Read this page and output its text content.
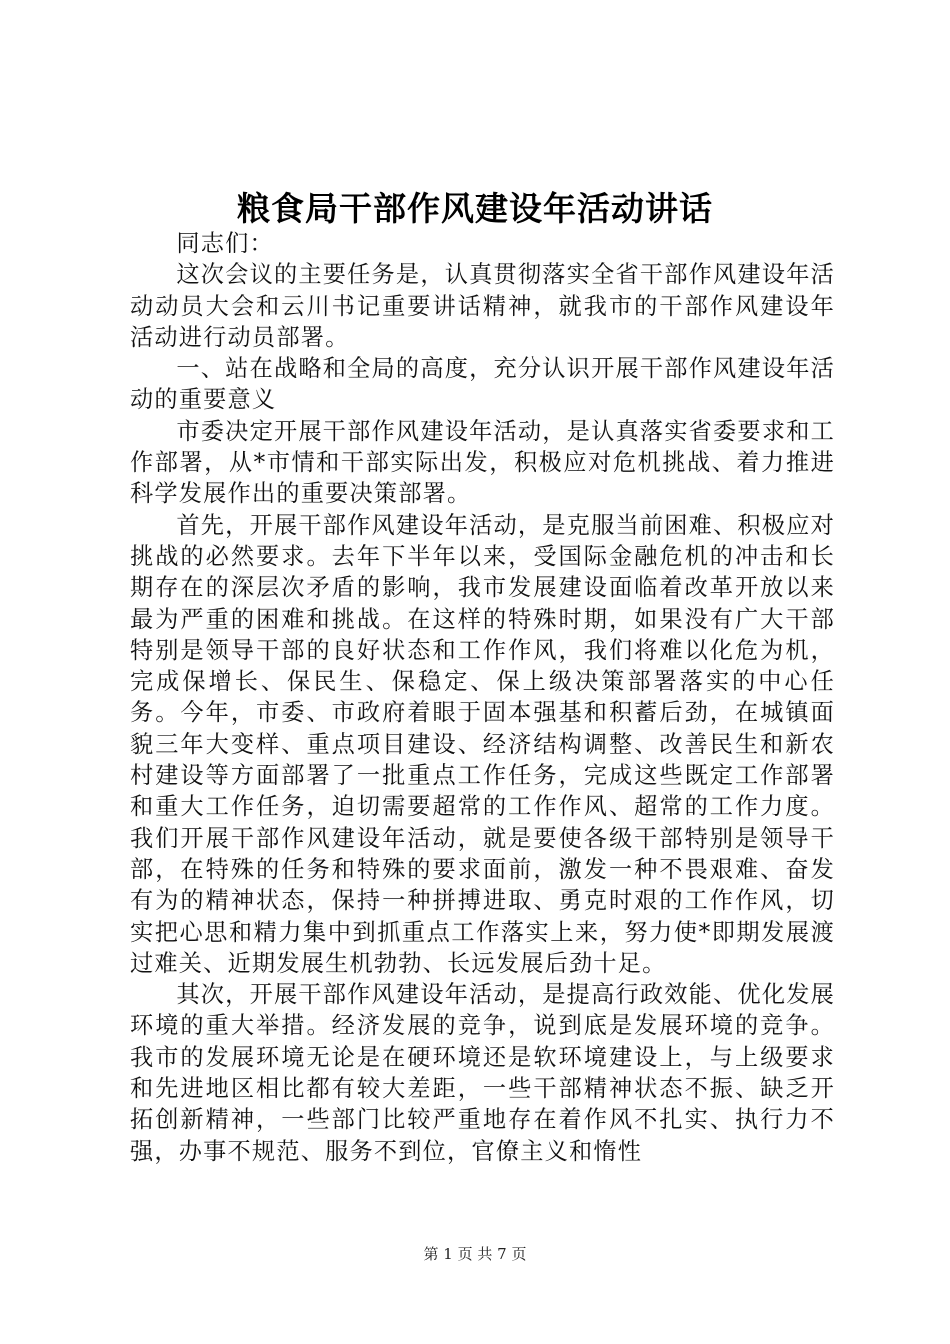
粮食局干部作风建设年活动讲话

同志们：

这次会议的主要任务是，认真贯彻落实全省干部作风建设年活动动员大会和云川书记重要讲话精神，就我市的干部作风建设年活动进行动员部署。

一、站在战略和全局的高度，充分认识开展干部作风建设年活动的重要意义

市委决定开展干部作风建设年活动，是认真落实省委要求和工作部署，从*市情和干部实际出发，积极应对危机挑战、着力推进科学发展作出的重要决策部署。

首先，开展干部作风建设年活动，是克服当前困难、积极应对挑战的必然要求。去年下半年以来，受国际金融危机的冲击和长期存在的深层次矛盾的影响，我市发展建设面临着改革开放以来最为严重的困难和挑战。在这样的特殊时期，如果没有广大干部特别是领导干部的良好状态和工作作风，我们将难以化危为机，完成保增长、保民生、保稳定、保上级决策部署落实的中心任务。今年，市委、市政府着眼于固本强基和积蓄后劲，在城镇面貌三年大变样、重点项目建设、经济结构调整、改善民生和新农村建设等方面部署了一批重点工作任务，完成这些既定工作部署和重大工作任务，迫切需要超常的工作作风、超常的工作力度。我们开展干部作风建设年活动，就是要使各级干部特别是领导干部，在特殊的任务和特殊的要求面前，激发一种不畏艰难、奋发有为的精神状态，保持一种拼搏进取、勇克时艰的工作作风，切实把心思和精力集中到抓重点工作落实上来，努力使*即期发展渡过难关、近期发展生机勃勃、长远发展后劲十足。

其次，开展干部作风建设年活动，是提高行政效能、优化发展环境的重大举措。经济发展的竞争，说到底是发展环境的竞争。我市的发展环境无论是在硬环境还是软环境建设上，与上级要求和先进地区相比都有较大差距，一些干部精神状态不振、缺乏开拓创新精神，一些部门比较严重地存在着作风不扎实、执行力不强，办事不规范、服务不到位，官僚主义和惰性

第 1 页 共 7 页
